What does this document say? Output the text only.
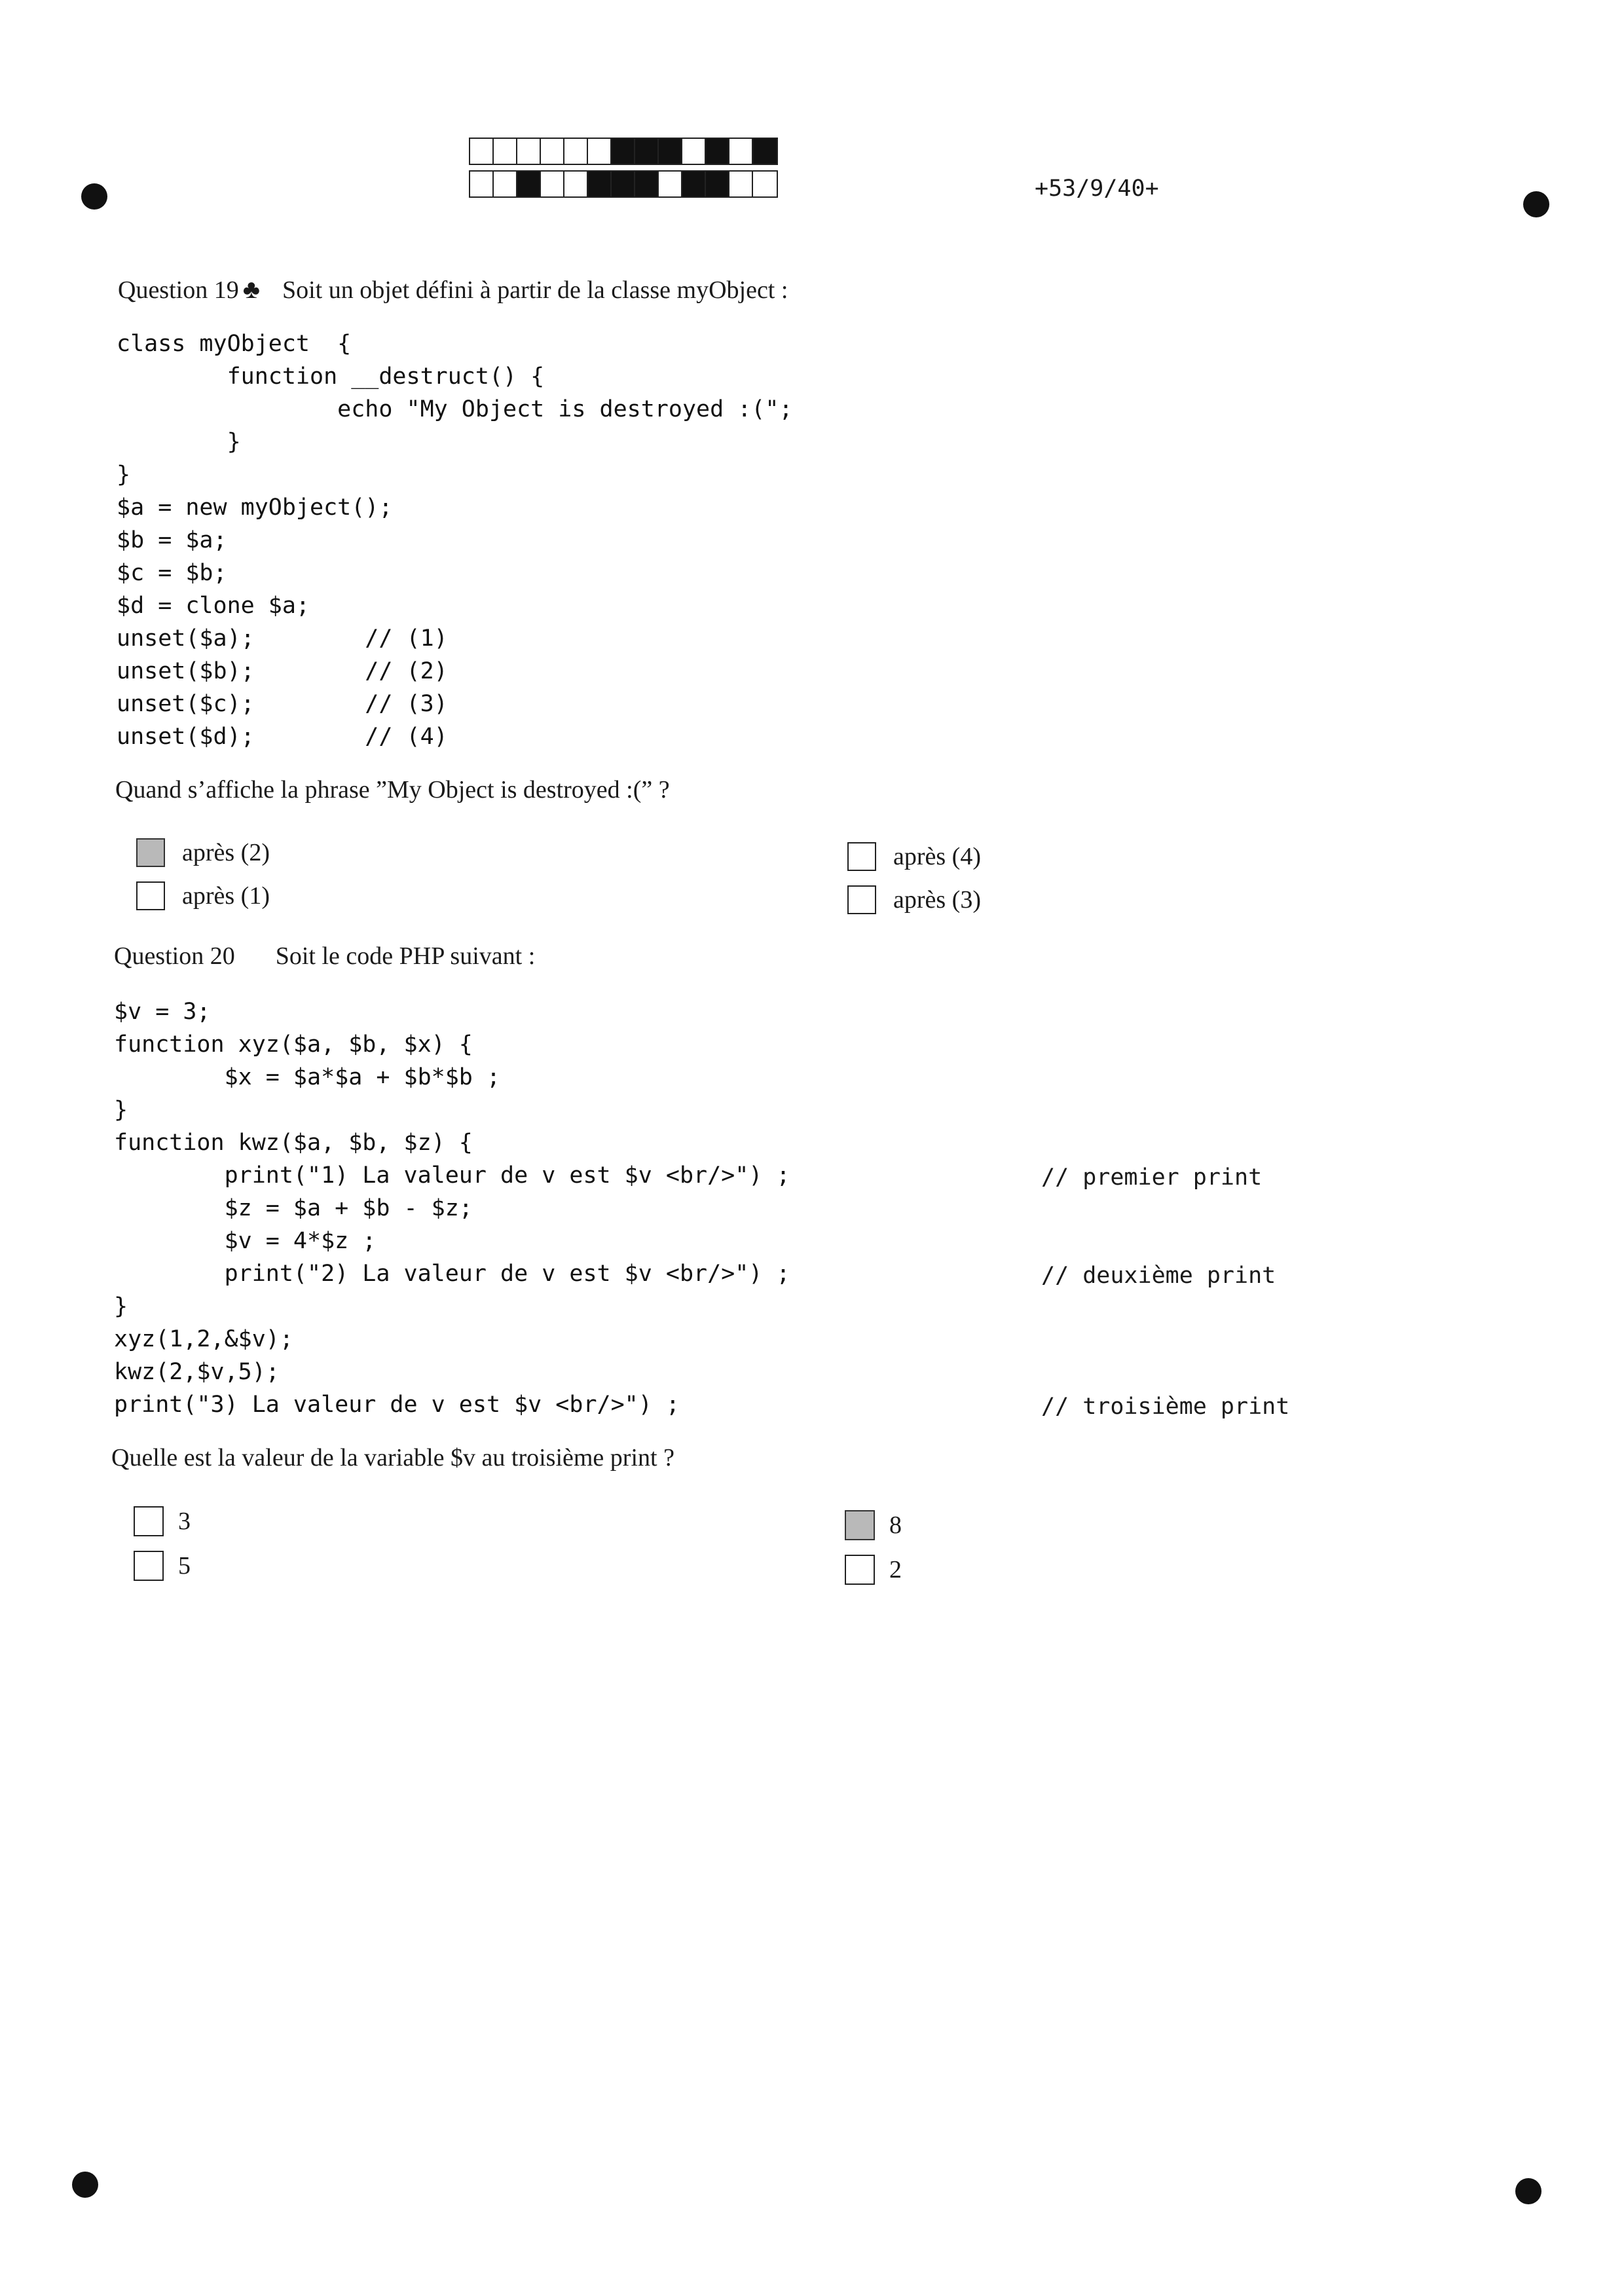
+53/9/40+
Question 19 ♣ Soit un objet défini à partir de la classe myObject :
class myObject  {
function __destruct() {
echo "My Object is destroyed :(";
}
}
$a = new myObject();
$b = $a;
$c = $b;
$d = clone $a;
unset($a);        // (1)
unset($b);        // (2)
unset($c);        // (3)
unset($d);        // (4)
Quand s’affiche la phrase ”My Object is destroyed :(” ?
après (2)
après (1)
après (4)
après (3)
Question 20 Soit le code PHP suivant :
$v = 3;
function xyz($a, $b, $x) {
$x = $a*$a + $b*$b ;
}
function kwz($a, $b, $z) {
print("1) La valeur de v est $v <br/>") ;
$z = $a + $b - $z;
$v = 4*$z ;
print("2) La valeur de v est $v <br/>") ;
}
xyz(1,2,&$v);
kwz(2,$v,5);
print("3) La valeur de v est $v <br/>") ;
// premier print
// deuxième print
// troisième print
Quelle est la valeur de la variable $v au troisième print ?
3
5
8
2
